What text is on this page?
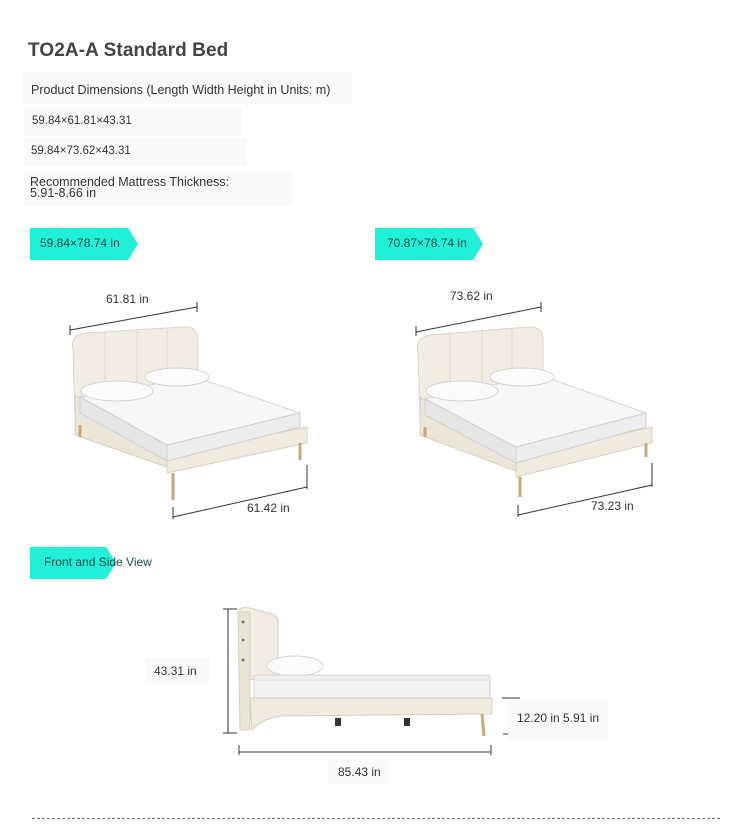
TO2A-A Standard Bed
Product Dimensions (Length Width Height in Units: m)
59.84×61.81×43.31
59.84×73.62×43.31
Recommended Mattress Thickness:
5.91-8.66 in
59.84×78.74 in	70.87×78.74 in
61.81 in
61.42 in
73.62 in
73.23 in
Front and Side View
43.31 in
85.43 in
12.20 in 5.91 in
